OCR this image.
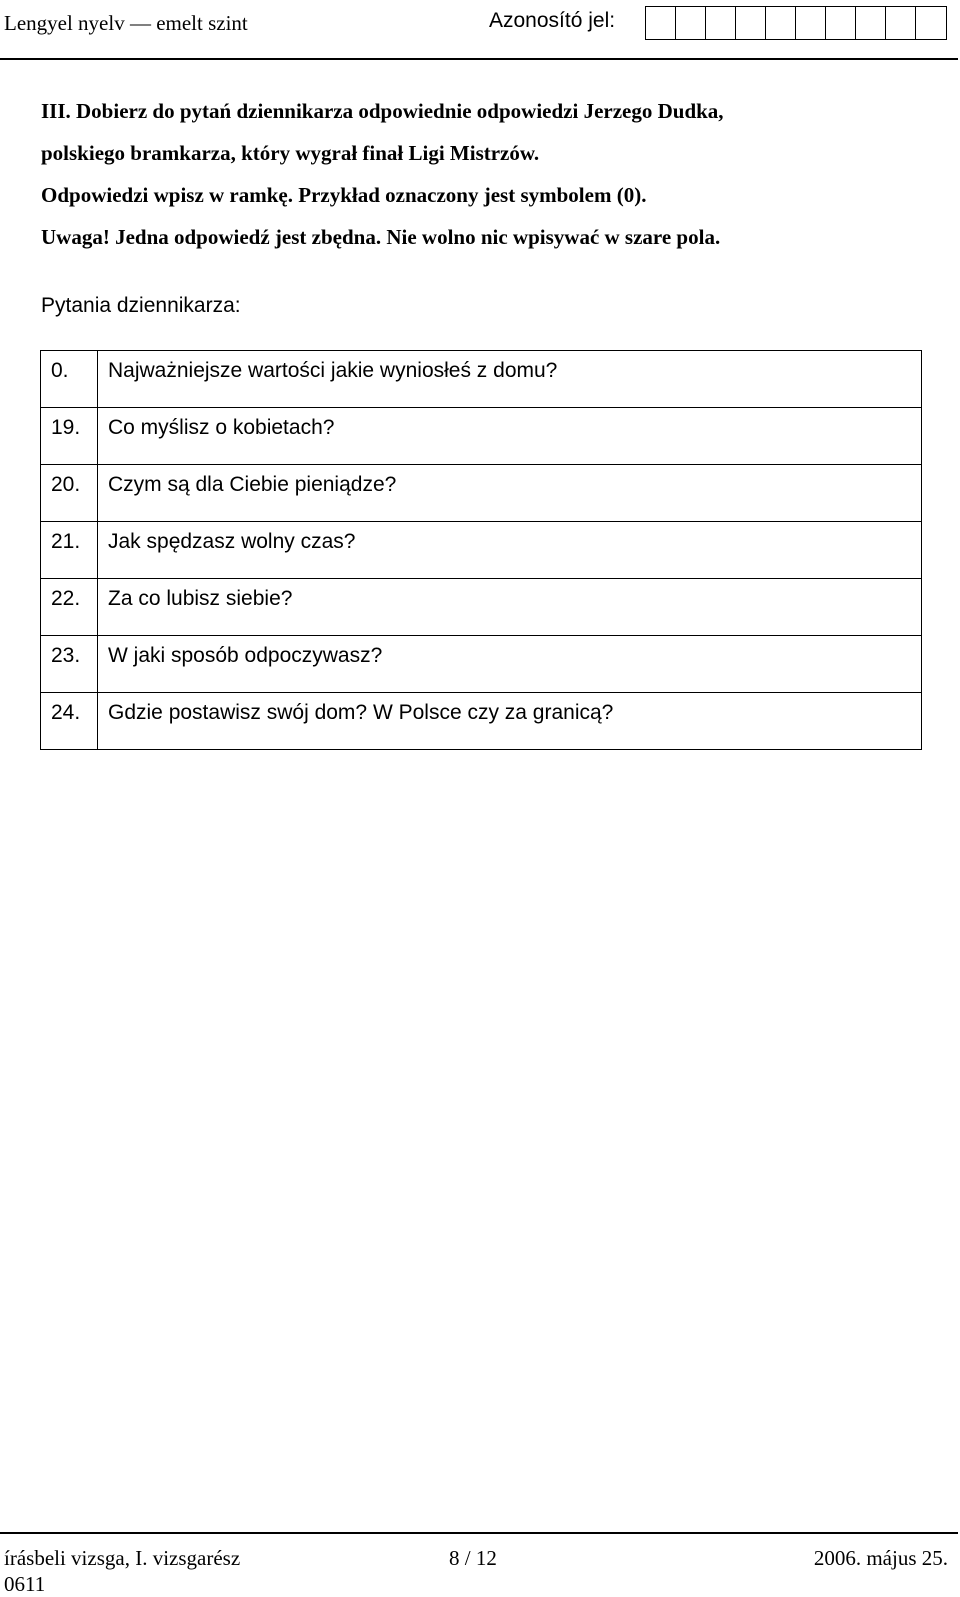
Lengyel nyelv — emelt szint	Azonosító jel:
III. Dobierz do pytań dziennikarza odpowiednie odpowiedzi Jerzego Dudka,
polskiego bramkarza, który wygrał finał Ligi Mistrzów.
Odpowiedzi wpisz w ramkę. Przykład oznaczony jest symbolem (0).
Uwaga! Jedna odpowiedź jest zbędna. Nie wolno nic wpisywać w szare pola.
Pytania dziennikarza:
0.	Najważniejsze wartości jakie wyniosłeś z domu?
19.	Co myślisz o kobietach?
20.	Czym są dla Ciebie pieniądze?
21.	Jak spędzasz wolny czas?
22.	Za co lubisz siebie?
23.	W jaki sposób odpoczywasz?
24.	Gdzie postawisz swój dom? W Polsce czy za granicą?
írásbeli vizsga, I. vizsgarész
0611
8 / 12	2006. május 25.
